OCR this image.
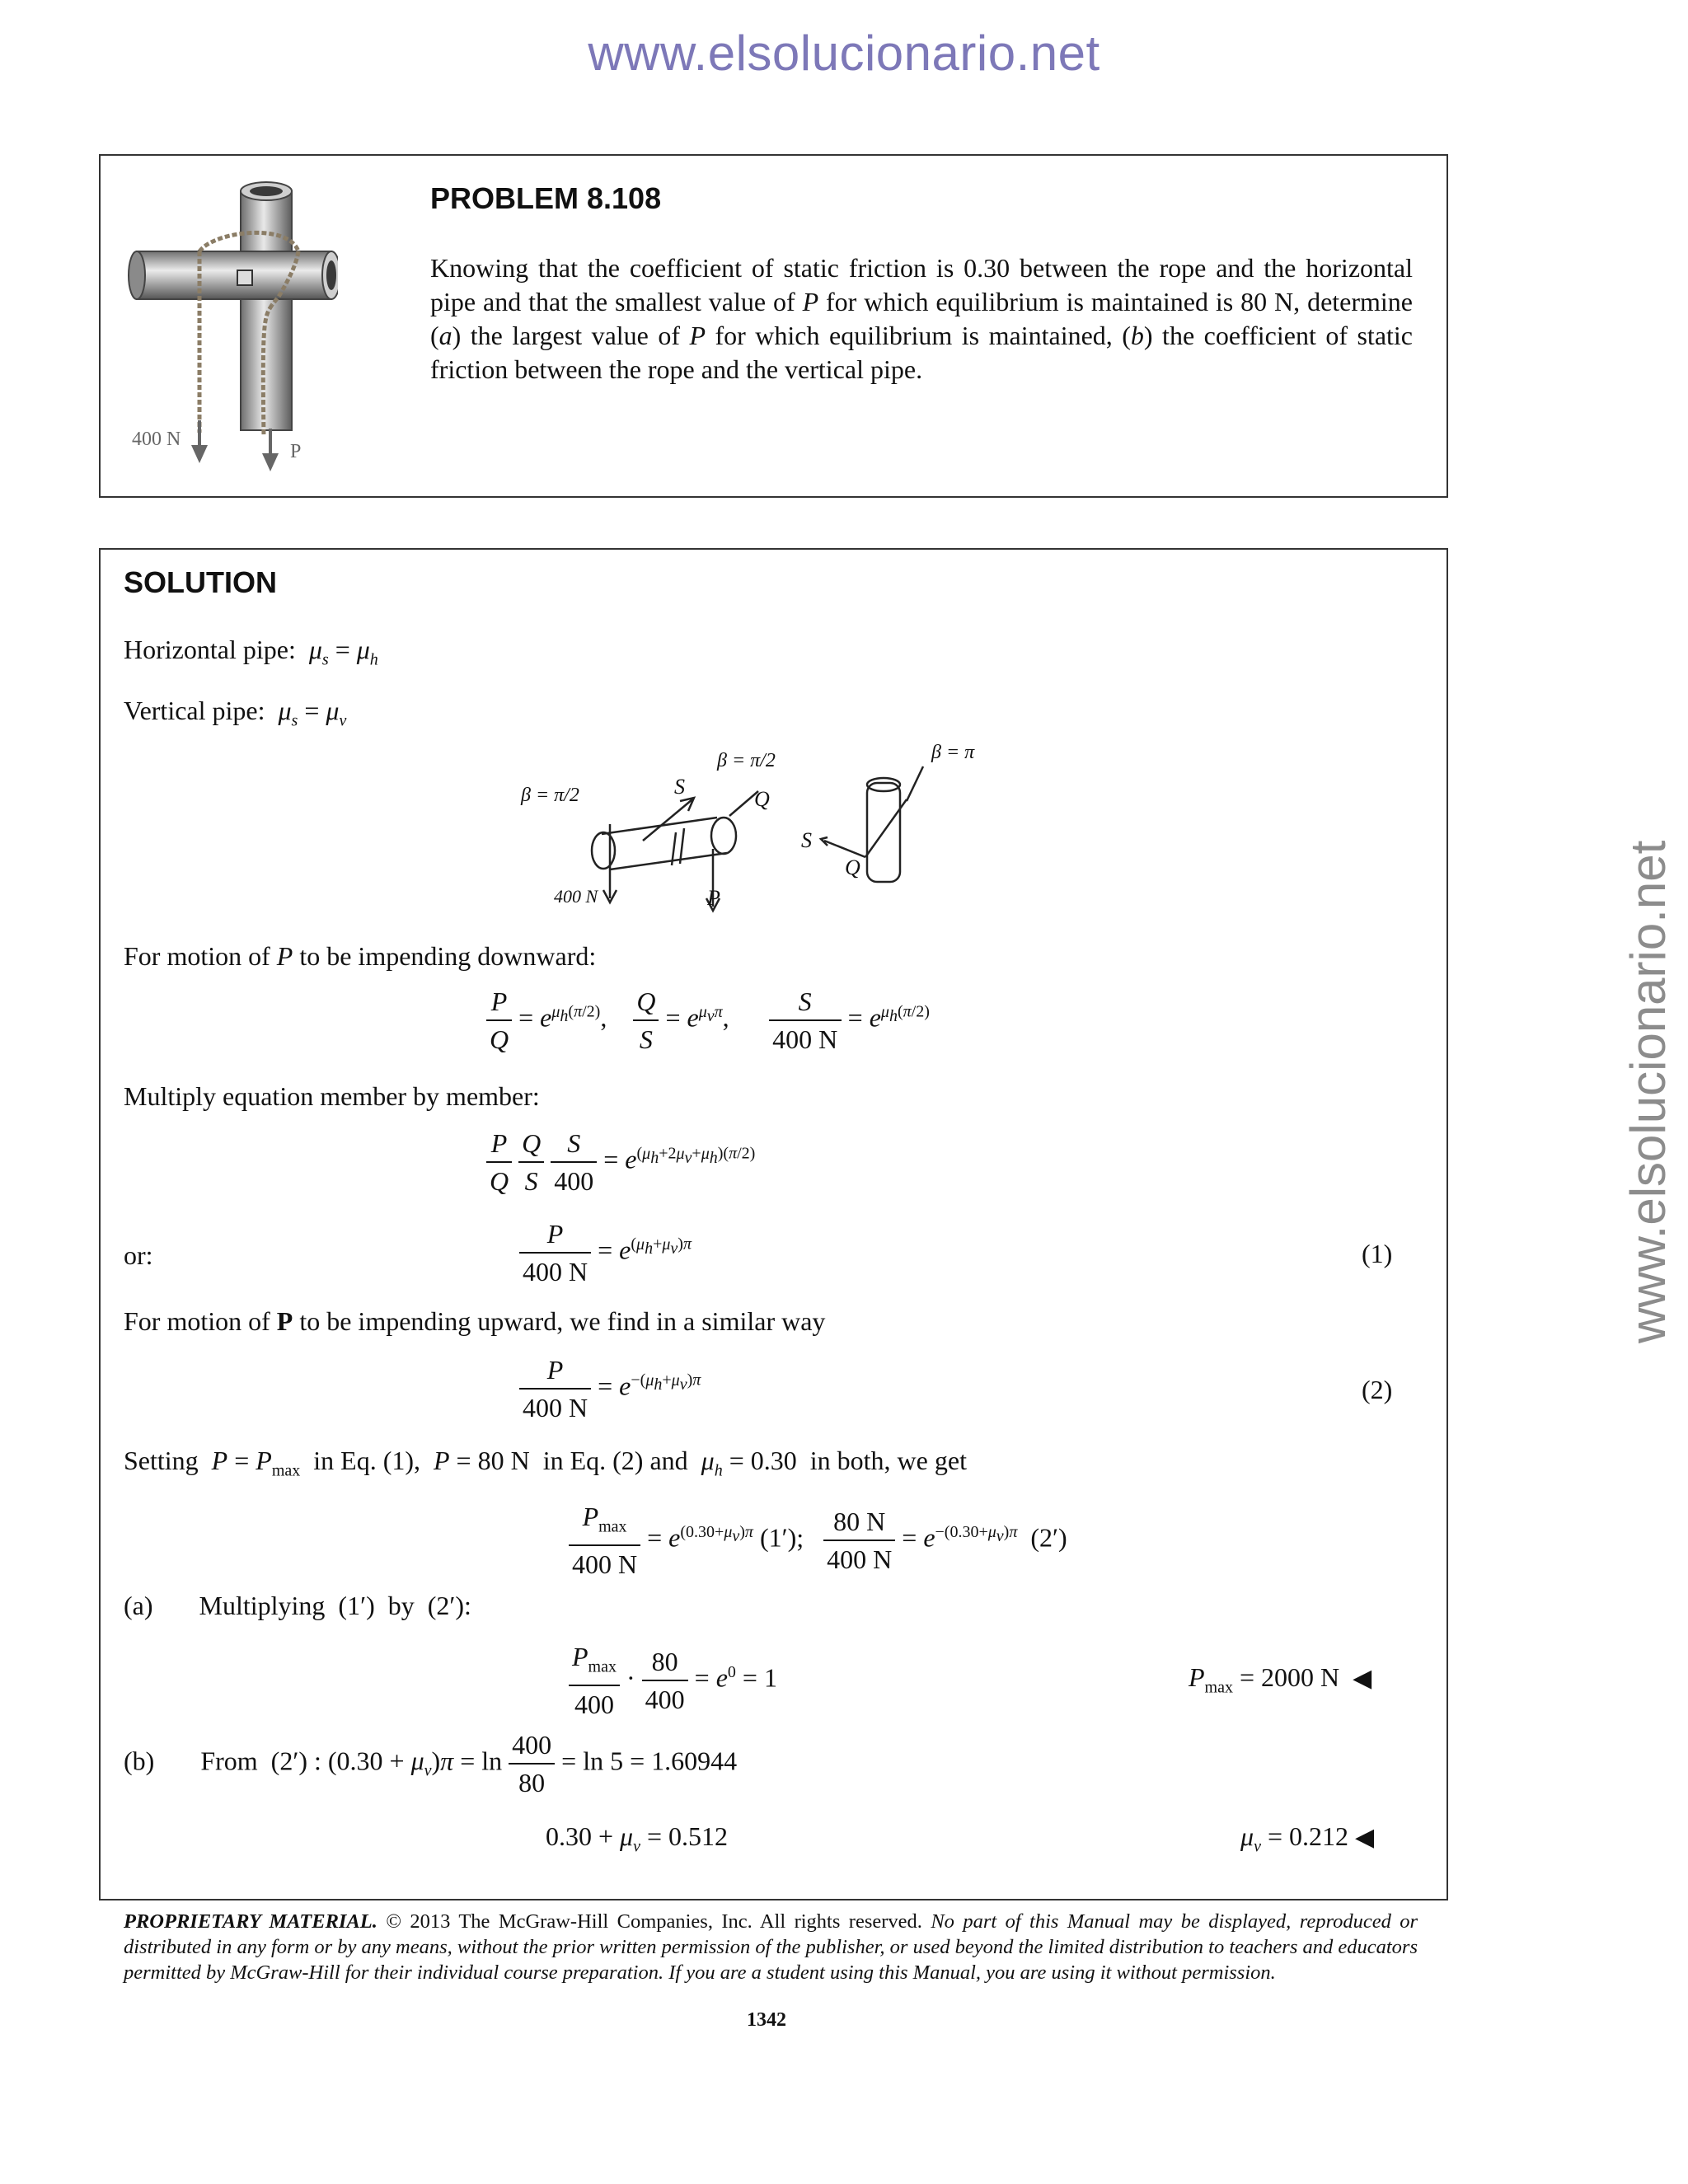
www.elsolucionario.net
www.elsolucionario.net
400 N
P
PROBLEM 8.108
Knowing that the coefficient of static friction is 0.30 between the rope and the horizontal pipe and that the smallest value of P for which equilibrium is maintained is 80 N, determine (a) the largest value of P for which equilibrium is maintained, (b) the coefficient of static friction between the rope and the vertical pipe.
SOLUTION
Horizontal pipe: $\mu_s = \mu_h$
Vertical pipe: $\mu_s = \mu_v$
β = π/2	S
β = π/2
Q
β = π
400 N	P
S
Q
For motion of P to be impending downward:
$\frac{P}{Q} = e^{\mu_h(\pi/2)}$, $\frac{Q}{S} = e^{\mu_v\pi}$, $\frac{S}{400 N} = e^{\mu_h(\pi/2)}$
Multiply equation member by member:
$\frac{P}{Q}$
$\frac{Q}{S}$
$\frac{S}{400} = e^{(\mu_h+2\mu_v+\mu_h)(\pi/2)}$
or:	$\frac{P}{400 N} = e^{(\mu_h+\mu_v)\pi}$	(1)
For motion of P to be impending upward, we find in a similar way
$\frac{P}{400 N} = e^{-(\mu_h+\mu_v)\pi}$	(2)
Setting $P = P_{max}$  in Eq. (1),  P = 80 N  in Eq. (2) and  $\mu_h = 0.30$  in both, we get
$\frac{P_{max}}{400 N} = e^{(0.30+\mu_v)\pi}$ (1′); $\frac{80 N}{400 N} = e^{-(0.30+\mu_v)\pi}$  (2′)
(a) Multiplying  (1′)  by  (2′):
$\frac{P_{max}}{400} \cdot \frac{80}{400} = e^0 = 1$	$P_{max} = 2000$ N  ◀
(b) From  (2′) : $(0.30 + \mu_v)\pi = \ln \frac{400}{80} = \ln 5 = 1.60944$
$0.30 + \mu_v = 0.512$	$\mu_v = 0.212$ ◀
PROPRIETARY MATERIAL. © 2013 The McGraw-Hill Companies, Inc. All rights reserved. No part of this Manual may be displayed, reproduced or distributed in any form or by any means, without the prior written permission of the publisher, or used beyond the limited distribution to teachers and educators permitted by McGraw-Hill for their individual course preparation. If you are a student using this Manual, you are using it without permission.
1342
